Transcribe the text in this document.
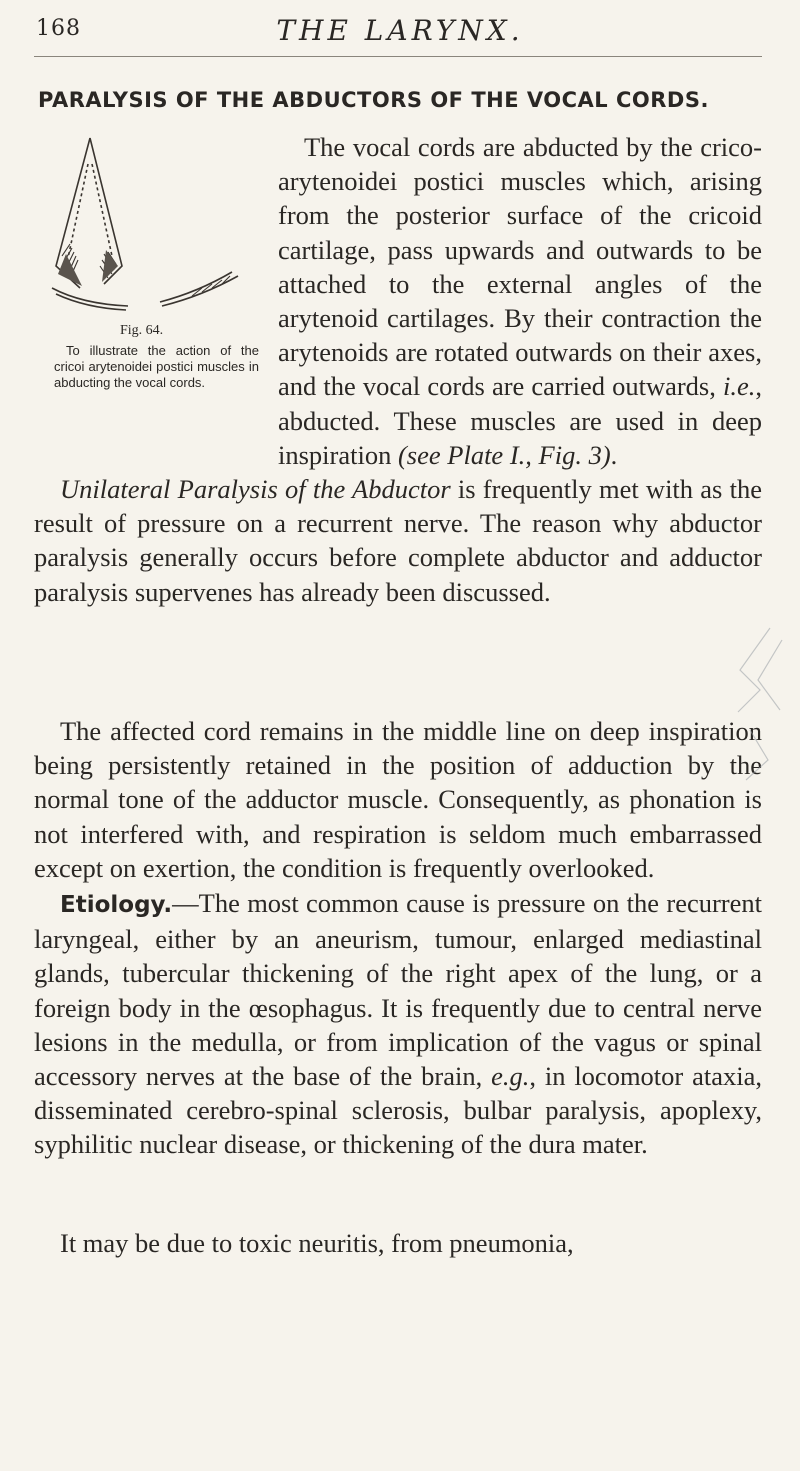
168	THE LARYNX.
PARALYSIS OF THE ABDUCTORS OF THE VOCAL CORDS.
Fig. 64.
To illustrate the action of the cricoi arytenoidei postici muscles in abducting the vocal cords.
The vocal cords are abducted by the crico-arytenoidei postici muscles which, arising from the posterior surface of the cricoid cartilage, pass upwards and outwards to be attached to the external angles of the arytenoid cartilages. By their contraction the arytenoids are rotated outwards on their axes, and the vocal cords are carried outwards, i.e., abducted. These muscles are used in deep inspiration (see Plate I., Fig. 3).
Unilateral Paralysis of the Abductor is frequently met with as the result of pressure on a recurrent nerve. The reason why abductor paralysis generally occurs before complete abductor and adductor paralysis supervenes has already been discussed.

The affected cord remains in the middle line on deep inspiration being persistently retained in the position of adduction by the normal tone of the adductor muscle. Consequently, as phonation is not interfered with, and respiration is seldom much embarrassed except on exertion, the condition is frequently overlooked.

Etiology.—The most common cause is pressure on the recurrent laryngeal, either by an aneurism, tumour, enlarged mediastinal glands, tubercular thickening of the right apex of the lung, or a foreign body in the œsophagus. It is frequently due to central nerve lesions in the medulla, or from implication of the vagus or spinal accessory nerves at the base of the brain, e.g., in locomotor ataxia, disseminated cerebro-spinal sclerosis, bulbar paralysis, apoplexy, syphilitic nuclear disease, or thickening of the dura mater.

It may be due to toxic neuritis, from pneumonia,
